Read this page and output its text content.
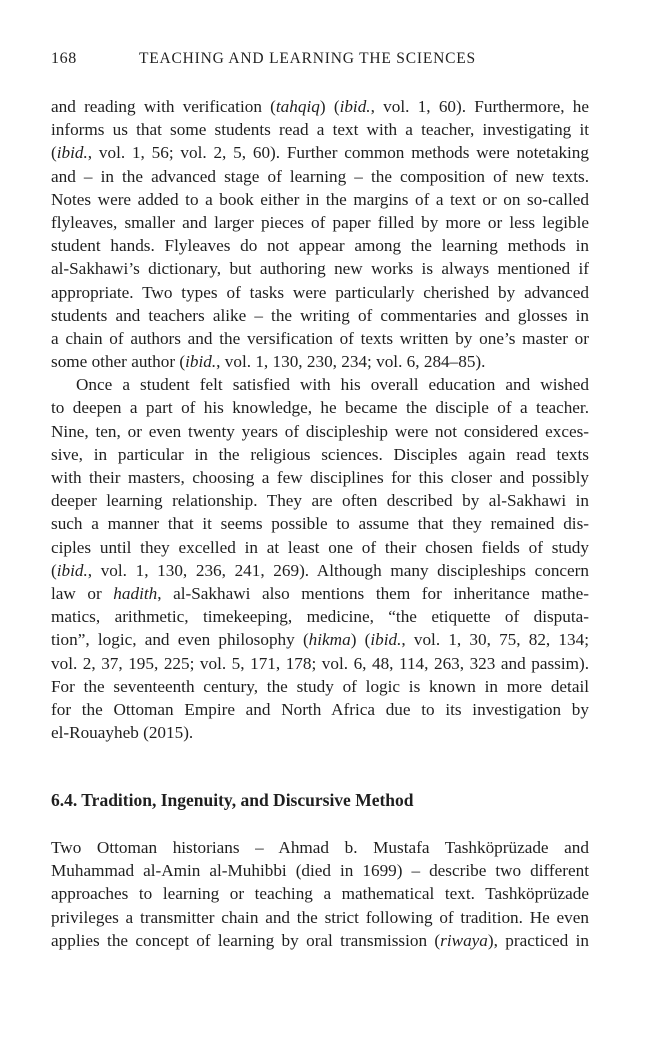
168	TEACHING AND LEARNING THE SCIENCES
and reading with verification (tahqiq) (ibid., vol. 1, 60). Furthermore, he
informs us that some students read a text with a teacher, investigating it
(ibid., vol. 1, 56; vol. 2, 5, 60). Further common methods were notetaking
and – in the advanced stage of learning – the composition of new texts.
Notes were added to a book either in the margins of a text or on so-called
flyleaves, smaller and larger pieces of paper filled by more or less legible
student hands. Flyleaves do not appear among the learning methods in
al-Sakhawi’s dictionary, but authoring new works is always mentioned if
appropriate. Two types of tasks were particularly cherished by advanced
students and teachers alike – the writing of commentaries and glosses in
a chain of authors and the versification of texts written by one’s master or
some other author (ibid., vol. 1, 130, 230, 234; vol. 6, 284–85).
Once a student felt satisfied with his overall education and wished
to deepen a part of his knowledge, he became the disciple of a teacher.
Nine, ten, or even twenty years of discipleship were not considered exces-
sive, in particular in the religious sciences. Disciples again read texts
with their masters, choosing a few disciplines for this closer and possibly
deeper learning relationship. They are often described by al-Sakhawi in
such a manner that it seems possible to assume that they remained dis-
ciples until they excelled in at least one of their chosen fields of study
(ibid., vol. 1, 130, 236, 241, 269). Although many discipleships concern
law or hadith, al-Sakhawi also mentions them for inheritance mathe-
matics, arithmetic, timekeeping, medicine, “the etiquette of disputa-
tion”, logic, and even philosophy (hikma) (ibid., vol. 1, 30, 75, 82, 134;
vol. 2, 37, 195, 225; vol. 5, 171, 178; vol. 6, 48, 114, 263, 323 and passim).
For the seventeenth century, the study of logic is known in more detail
for the Ottoman Empire and North Africa due to its investigation by
el-Rouayheb (2015).
6.4. Tradition, Ingenuity, and Discursive Method
Two Ottoman historians – Ahmad b. Mustafa Tashköprüzade and
Muhammad al-Amin al-Muhibbi (died in 1699) – describe two different
approaches to learning or teaching a mathematical text. Tashköprüzade
privileges a transmitter chain and the strict following of tradition. He even
applies the concept of learning by oral transmission (riwaya), practiced in
